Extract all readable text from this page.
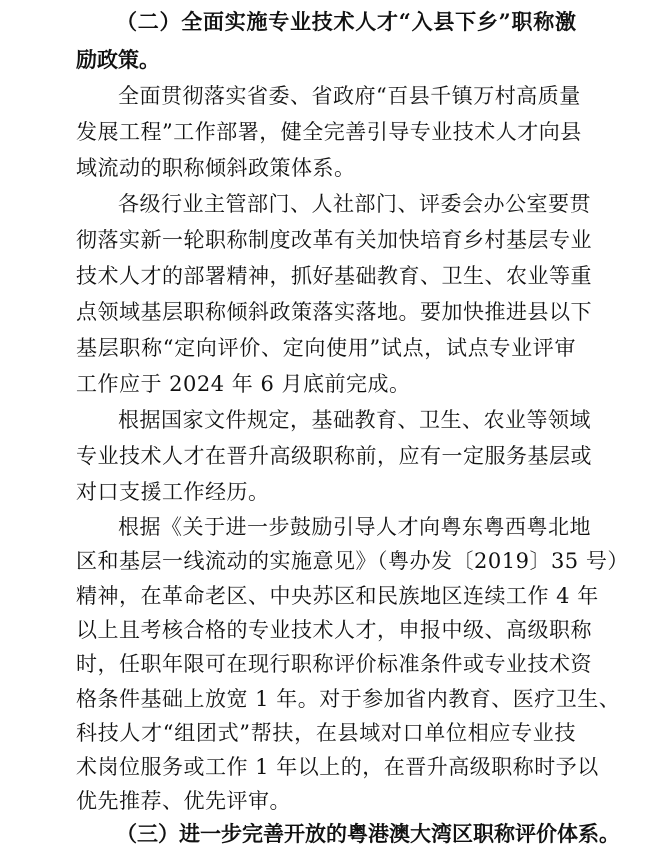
（二）全面实施专业技术人才“入县下乡”职称激
励政策。
全面贯彻落实省委、省政府“百县千镇万村高质量
发展工程”工作部署，健全完善引导专业技术人才向县
域流动的职称倾斜政策体系。
各级行业主管部门、人社部门、评委会办公室要贯
彻落实新一轮职称制度改革有关加快培育乡村基层专业
技术人才的部署精神，抓好基础教育、卫生、农业等重
点领域基层职称倾斜政策落实落地。要加快推进县以下
基层职称“定向评价、定向使用”试点，试点专业评审
工作应于 2024 年 6 月底前完成。
根据国家文件规定，基础教育、卫生、农业等领域
专业技术人才在晋升高级职称前，应有一定服务基层或
对口支援工作经历。
根据《关于进一步鼓励引导人才向粤东粤西粤北地
区和基层一线流动的实施意见》（粤办发〔2019〕35 号）
精神，在革命老区、中央苏区和民族地区连续工作 4 年
以上且考核合格的专业技术人才，申报中级、高级职称
时，任职年限可在现行职称评价标准条件或专业技术资
格条件基础上放宽 1 年。对于参加省内教育、医疗卫生、
科技人才“组团式”帮扶，在县域对口单位相应专业技
术岗位服务或工作 1 年以上的，在晋升高级职称时予以
优先推荐、优先评审。
（三）进一步完善开放的粤港澳大湾区职称评价体系。
